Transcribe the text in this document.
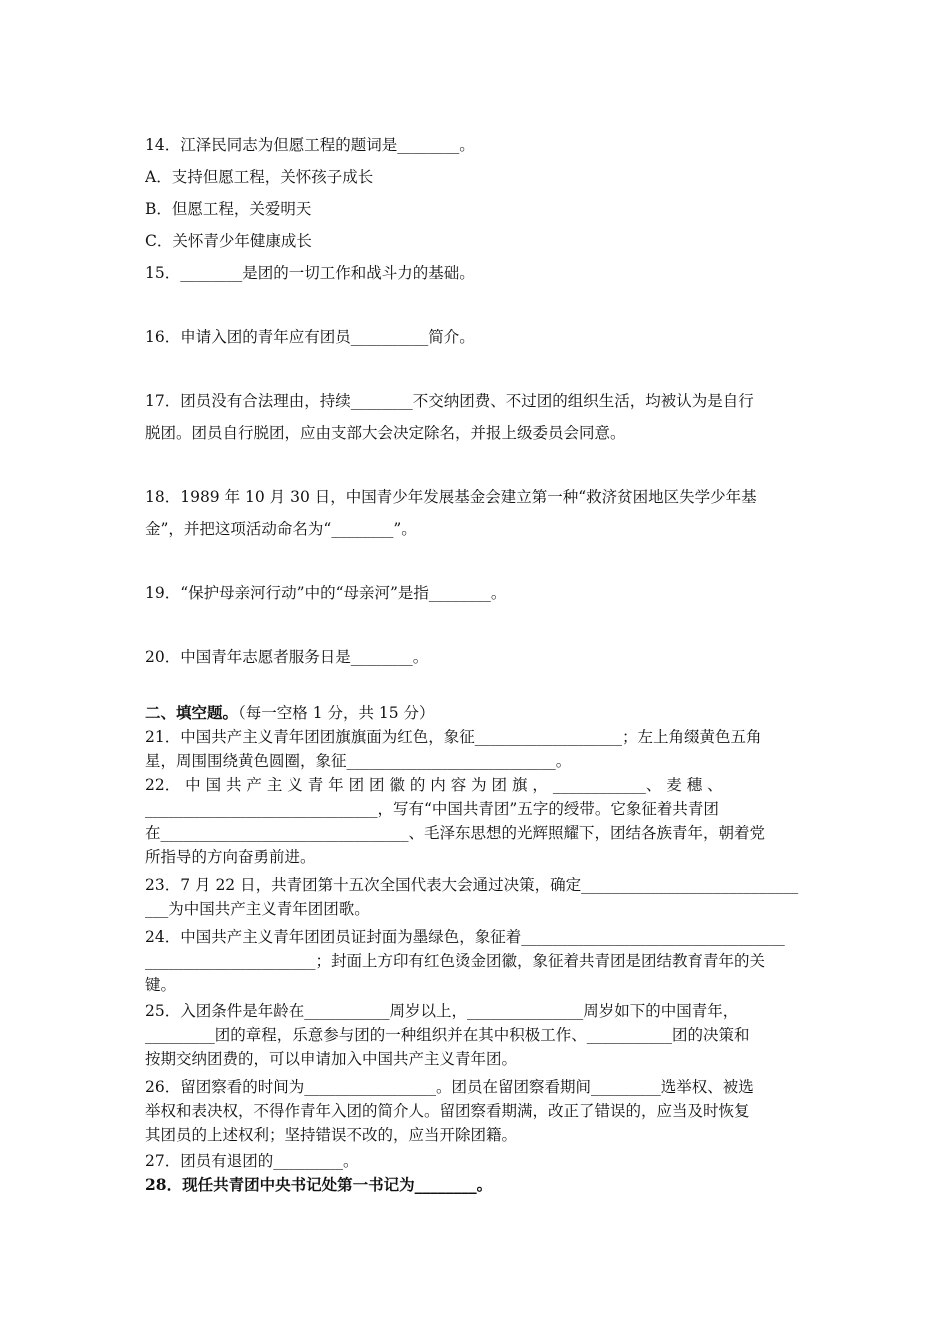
14．江泽民同志为但愿工程的题词是________。
A．支持但愿工程，关怀孩子成长
B．但愿工程，关爱明天
C．关怀青少年健康成长
15．________是团的一切工作和战斗力的基础。
16．申请入团的青年应有团员__________简介。
17．团员没有合法理由，持续________不交纳团费、不过团的组织生活，均被认为是自行
脱团。团员自行脱团，应由支部大会决定除名，并报上级委员会同意。
18．1989 年 10 月 30 日，中国青少年发展基金会建立第一种“救济贫困地区失学少年基
金”，并把这项活动命名为“________”。
19．“保护母亲河行动”中的“母亲河”是指________。
20．中国青年志愿者服务日是________。
二、填空题。（每一空格 1 分，共 15 分）
21．中国共产主义青年团团旗旗面为红色，象征___________________；左上角缀黄色五角
星，周围围绕黄色圆圈，象征___________________________。
22． 中 国 共 产 主 义 青 年 团 团 徽 的 内 容 为 团 旗 ， ____________、 麦 穗 、
______________________________，写有“中国共青团”五字的绶带。它象征着共青团
在________________________________、毛泽东思想的光辉照耀下，团结各族青年，朝着党
所指导的方向奋勇前进。
23．7 月 22 日，共青团第十五次全国代表大会通过决策，确定____________________________
___为中国共产主义青年团团歌。
24．中国共产主义青年团团员证封面为墨绿色，象征着__________________________________
______________________；封面上方印有红色烫金团徽，象征着共青团是团结教育青年的关
键。
25．入团条件是年龄在___________周岁以上，_______________周岁如下的中国青年，
_________团的章程，乐意参与团的一种组织并在其中积极工作、___________团的决策和
按期交纳团费的，可以申请加入中国共产主义青年团。
26．留团察看的时间为_________________。团员在留团察看期间_________选举权、被选
举权和表决权，不得作青年入团的简介人。留团察看期满，改正了错误的，应当及时恢复
其团员的上述权利；坚持错误不改的，应当开除团籍。
27．团员有退团的_________。
28．现任共青团中央书记处第一书记为________。
